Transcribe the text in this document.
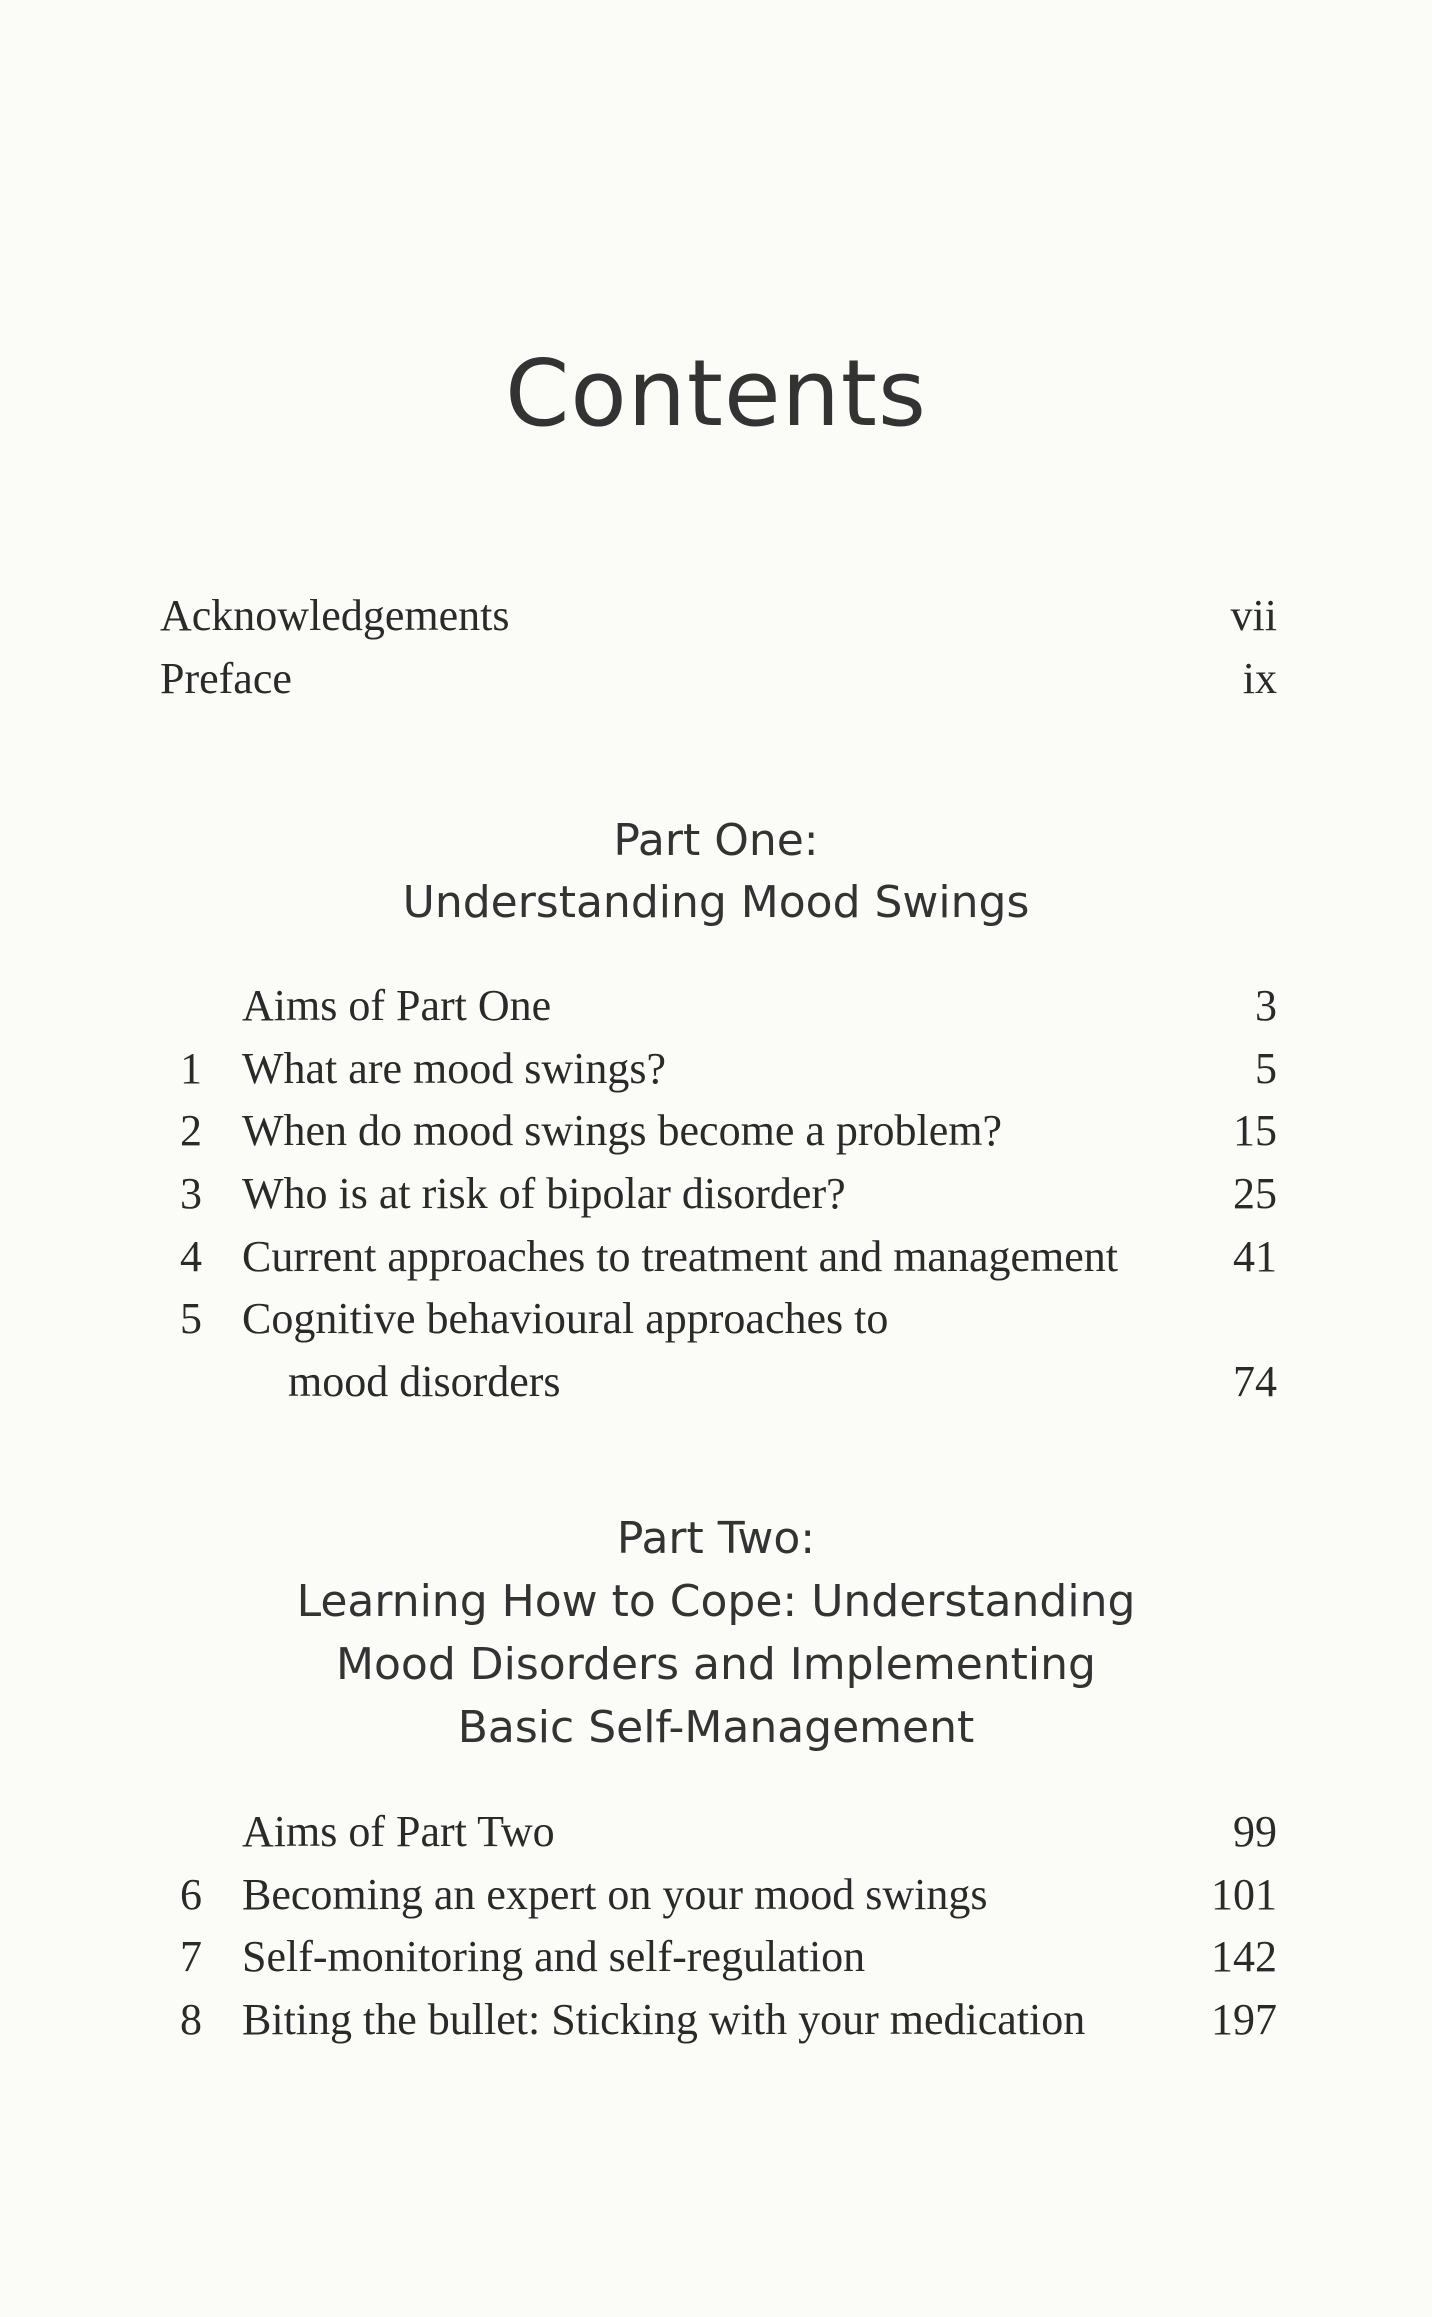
Contents
Acknowledgements	vii
Preface	ix
Part One:
Understanding Mood Swings
Aims of Part One	3
1 What are mood swings?	5
2 When do mood swings become a problem?	15
3 Who is at risk of bipolar disorder?	25
4 Current approaches to treatment and management	41
5 Cognitive behavioural approaches to
mood disorders	74
Part Two:
Learning How to Cope: Understanding
Mood Disorders and Implementing
Basic Self-Management
Aims of Part Two	99
6 Becoming an expert on your mood swings	101
7 Self-monitoring and self-regulation	142
8 Biting the bullet: Sticking with your medication	197
